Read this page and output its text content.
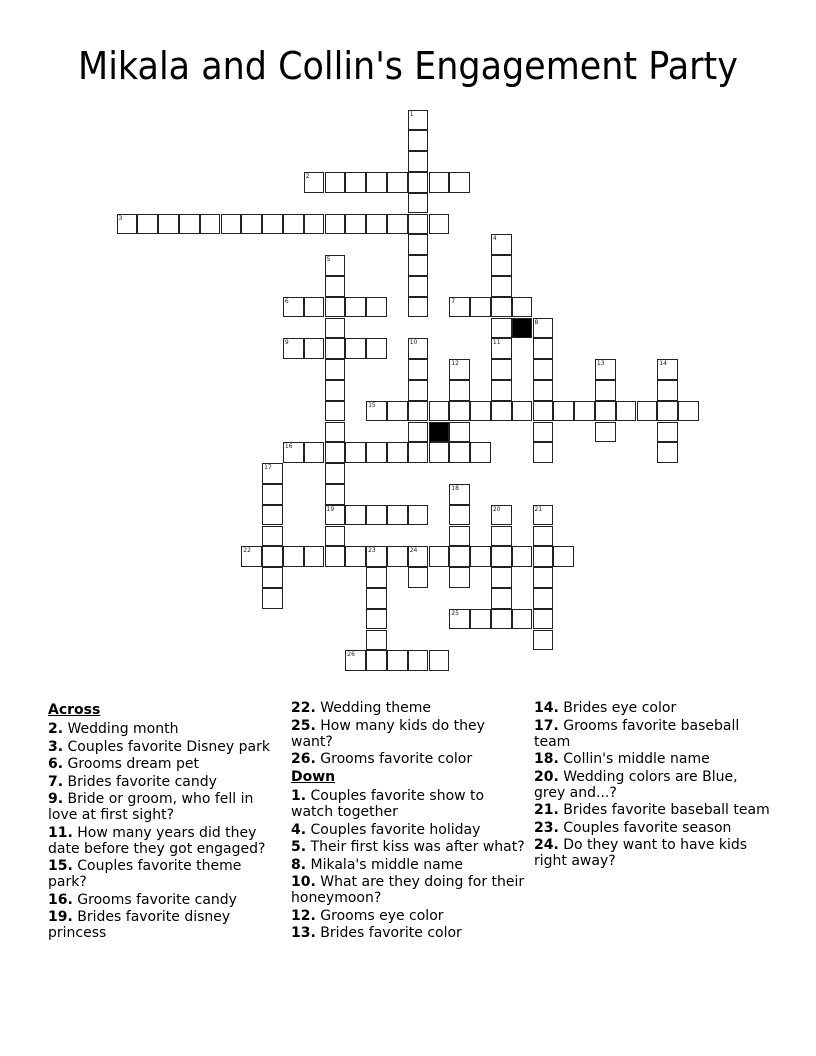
Mikala and Collin's Engagement Party
1
2
3
4
11
5
19
6	7
8
9	10
12	13	14
15
16
17
18
20	21
22	23	24
25
26
Across
2. Wedding month
3. Couples favorite Disney park
6. Grooms dream pet
7. Brides favorite candy
9. Bride or groom, who fell in love at first sight?
11. How many years did they date before they got engaged?
15. Couples favorite theme park?
16. Grooms favorite candy
19. Brides favorite disney princess
22. Wedding theme
25. How many kids do they want?
26. Grooms favorite color
Down
1. Couples favorite show to watch together
4. Couples favorite holiday
5. Their first kiss was after what?
8. Mikala's middle name
10. What are they doing for their honeymoon?
12. Grooms eye color
13. Brides favorite color
14. Brides eye color
17. Grooms favorite baseball team
18. Collin's middle name
20. Wedding colors are Blue, grey and...?
21. Brides favorite baseball team
23. Couples favorite season
24. Do they want to have kids right away?
